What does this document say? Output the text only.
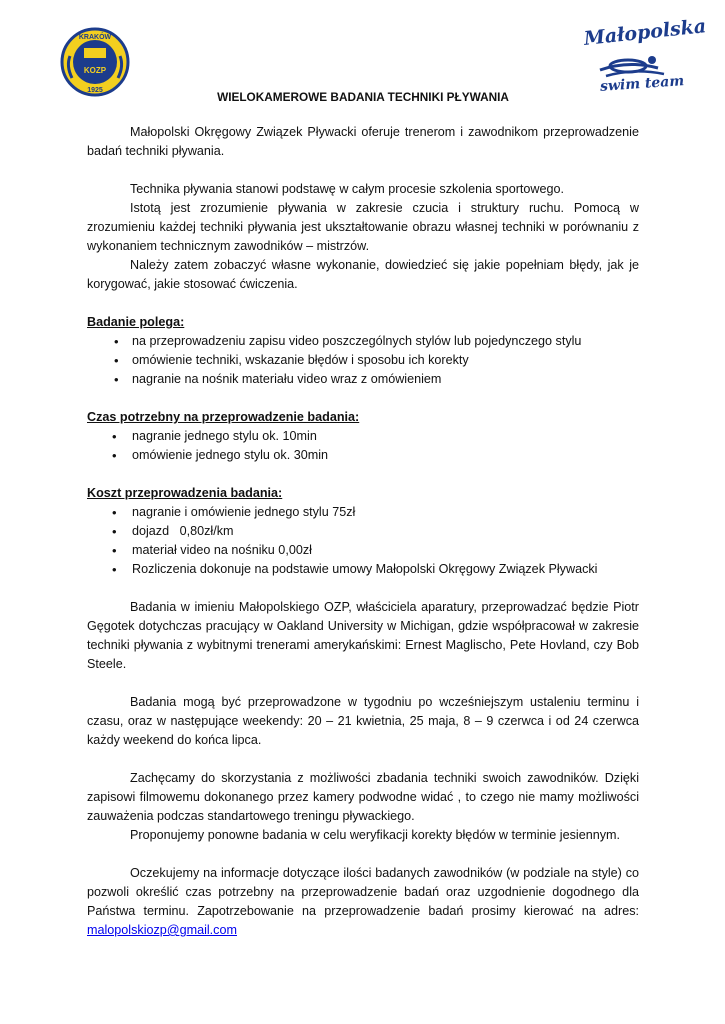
KRAKÓW
KOZP
1925
Małopolska
swim team

WIELOKAMEROWE BADANIA TECHNIKI PŁYWANIA

Małopolski Okręgowy Związek Pływacki oferuje trenerom i zawodnikom przeprowadzenie badań techniki pływania.

Technika pływania stanowi podstawę w całym procesie szkolenia sportowego.

Istotą jest zrozumienie pływania w zakresie czucia i struktury ruchu. Pomocą w zrozumieniu każdej techniki pływania jest ukształtowanie obrazu własnej techniki w porównaniu z wykonaniem technicznym zawodników – mistrzów.

Należy zatem zobaczyć własne wykonanie, dowiedzieć się jakie popełniam błędy, jak je korygować, jakie stosować ćwiczenia.

Badanie polega:

• na przeprowadzeniu zapisu video poszczególnych stylów lub pojedynczego stylu
• omówienie techniki, wskazanie błędów i sposobu ich korekty
• nagranie na nośnik materiału video wraz z omówieniem

Czas potrzebny na przeprowadzenie badania:

• nagranie jednego stylu ok. 10min
• omówienie jednego stylu ok. 30min

Koszt przeprowadzenia badania:

• nagranie i omówienie jednego stylu 75zł
• dojazd   0,80zł/km
• materiał video na nośniku 0,00zł
• Rozliczenia dokonuje na podstawie umowy Małopolski Okręgowy Związek Pływacki

Badania w imieniu Małopolskiego OZP, właściciela aparatury, przeprowadzać będzie Piotr Gęgotek dotychczas pracujący w Oakland University w Michigan, gdzie współpracował w zakresie techniki pływania z wybitnymi trenerami amerykańskimi: Ernest Maglischo, Pete Hovland, czy Bob Steele.

Badania mogą być przeprowadzone w tygodniu po wcześniejszym ustaleniu terminu i czasu, oraz w następujące weekendy: 20 – 21 kwietnia, 25 maja, 8 – 9 czerwca i od 24 czerwca każdy weekend do końca lipca.

Zachęcamy do skorzystania z możliwości zbadania techniki swoich zawodników. Dzięki zapisowi filmowemu dokonanego przez kamery podwodne widać , to czego nie mamy możliwości zauważenia podczas standartowego treningu pływackiego.

Proponujemy ponowne badania w celu weryfikacji korekty błędów w terminie jesiennym.

Oczekujemy na informacje dotyczące ilości badanych zawodników (w podziale na style) co pozwoli określić czas potrzebny na przeprowadzenie badań oraz uzgodnienie dogodnego dla Państwa terminu. Zapotrzebowanie na przeprowadzenie badań prosimy kierować na adres: malopolskiozp@gmail.com
